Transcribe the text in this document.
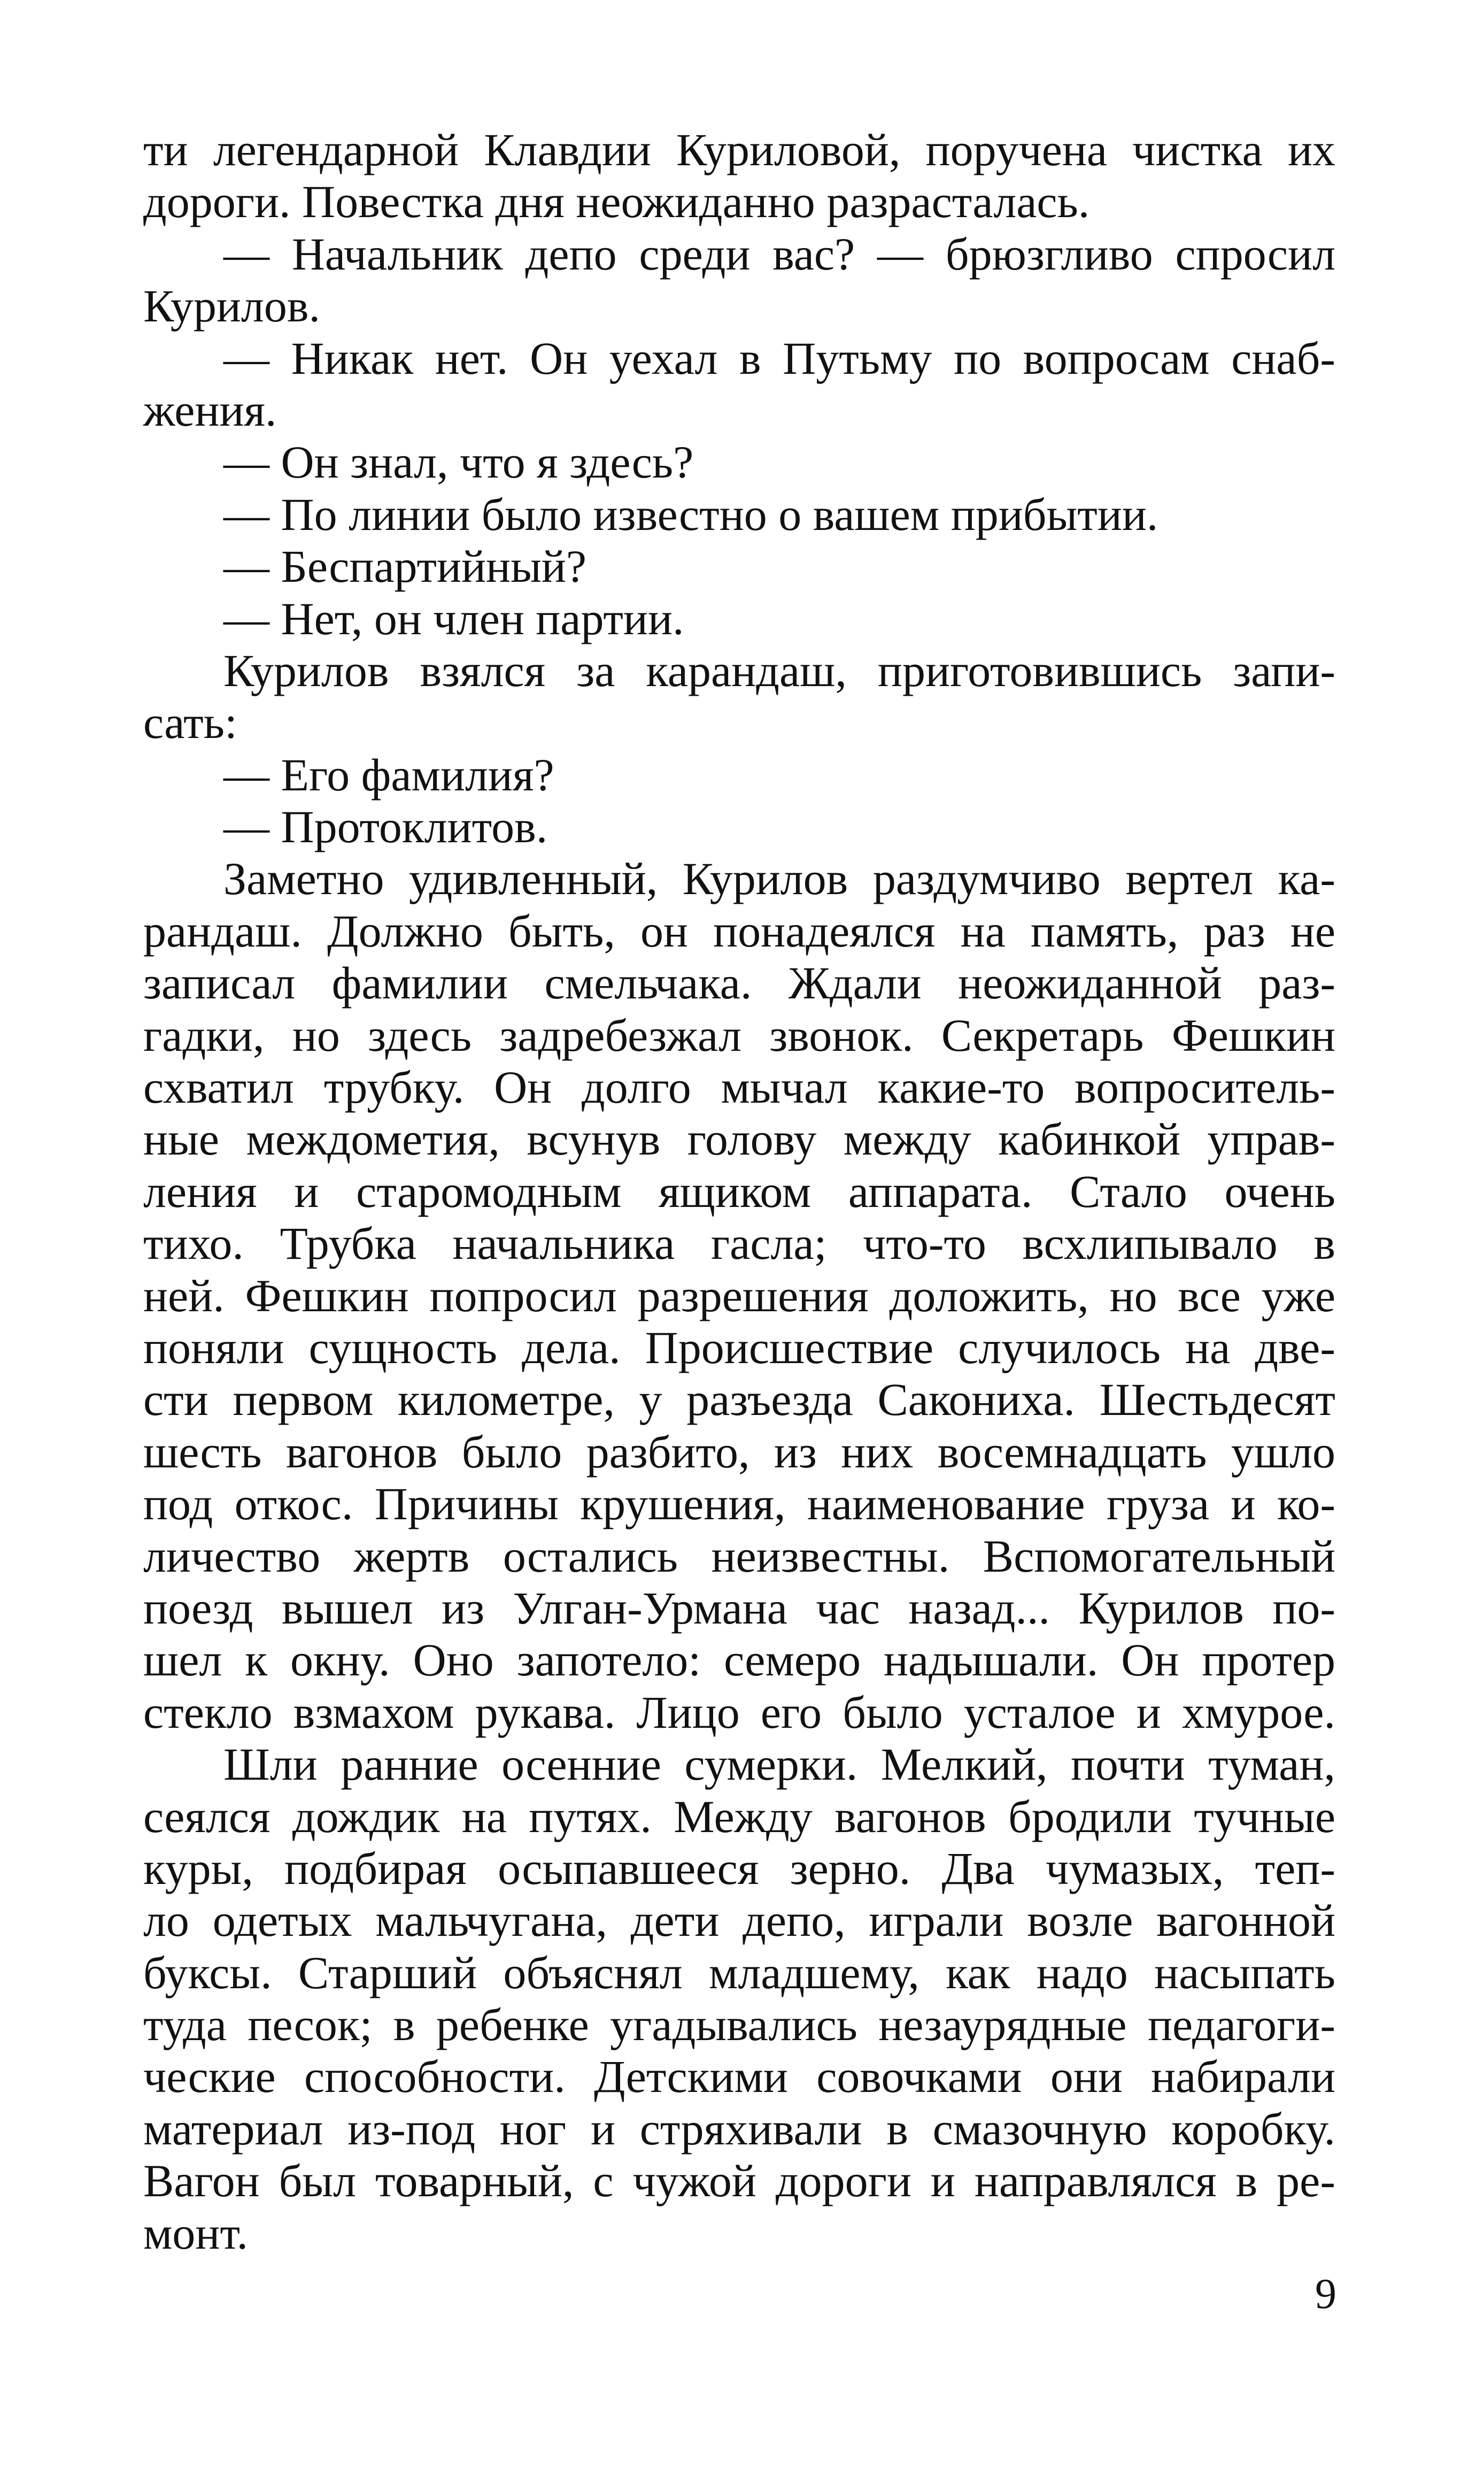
ти легендарной Клавдии Куриловой, поручена чистка их
дороги. Повестка дня неожиданно разрасталась.
— Начальник депо среди вас? — брюзгливо спросил
Курилов.
— Никак нет. Он уехал в Путьму по вопросам снаб-
жения.
— Он знал, что я здесь?
— По линии было известно о вашем прибытии.
— Беспартийный?
— Нет, он член партии.
Курилов взялся за карандаш, приготовившись запи-
сать:
— Его фамилия?
— Протоклитов.
Заметно удивленный, Курилов раздумчиво вертел ка-
рандаш. Должно быть, он понадеялся на память, раз не
записал фамилии смельчака. Ждали неожиданной раз-
гадки, но здесь задребезжал звонок. Секретарь Фешкин
схватил трубку. Он долго мычал какие-то вопроситель-
ные междометия, всунув голову между кабинкой управ-
ления и старомодным ящиком аппарата. Стало очень
тихо. Трубка начальника гасла; что-то всхлипывало в
ней. Фешкин попросил разрешения доложить, но все уже
поняли сущность дела. Происшествие случилось на две-
сти первом километре, у разъезда Сакониха. Шестьдесят
шесть вагонов было разбито, из них восемнадцать ушло
под откос. Причины крушения, наименование груза и ко-
личество жертв остались неизвестны. Вспомогательный
поезд вышел из Улган-Урмана час назад... Курилов по-
шел к окну. Оно запотело: семеро надышали. Он протер
стекло взмахом рукава. Лицо его было усталое и хмурое.
Шли ранние осенние сумерки. Мелкий, почти туман,
сеялся дождик на путях. Между вагонов бродили тучные
куры, подбирая осыпавшееся зерно. Два чумазых, теп-
ло одетых мальчугана, дети депо, играли возле вагонной
буксы. Старший объяснял младшему, как надо насыпать
туда песок; в ребенке угадывались незаурядные педагоги-
ческие способности. Детскими совочками они набирали
материал из-под ног и стряхивали в смазочную коробку.
Вагон был товарный, с чужой дороги и направлялся в ре-
монт.
9
